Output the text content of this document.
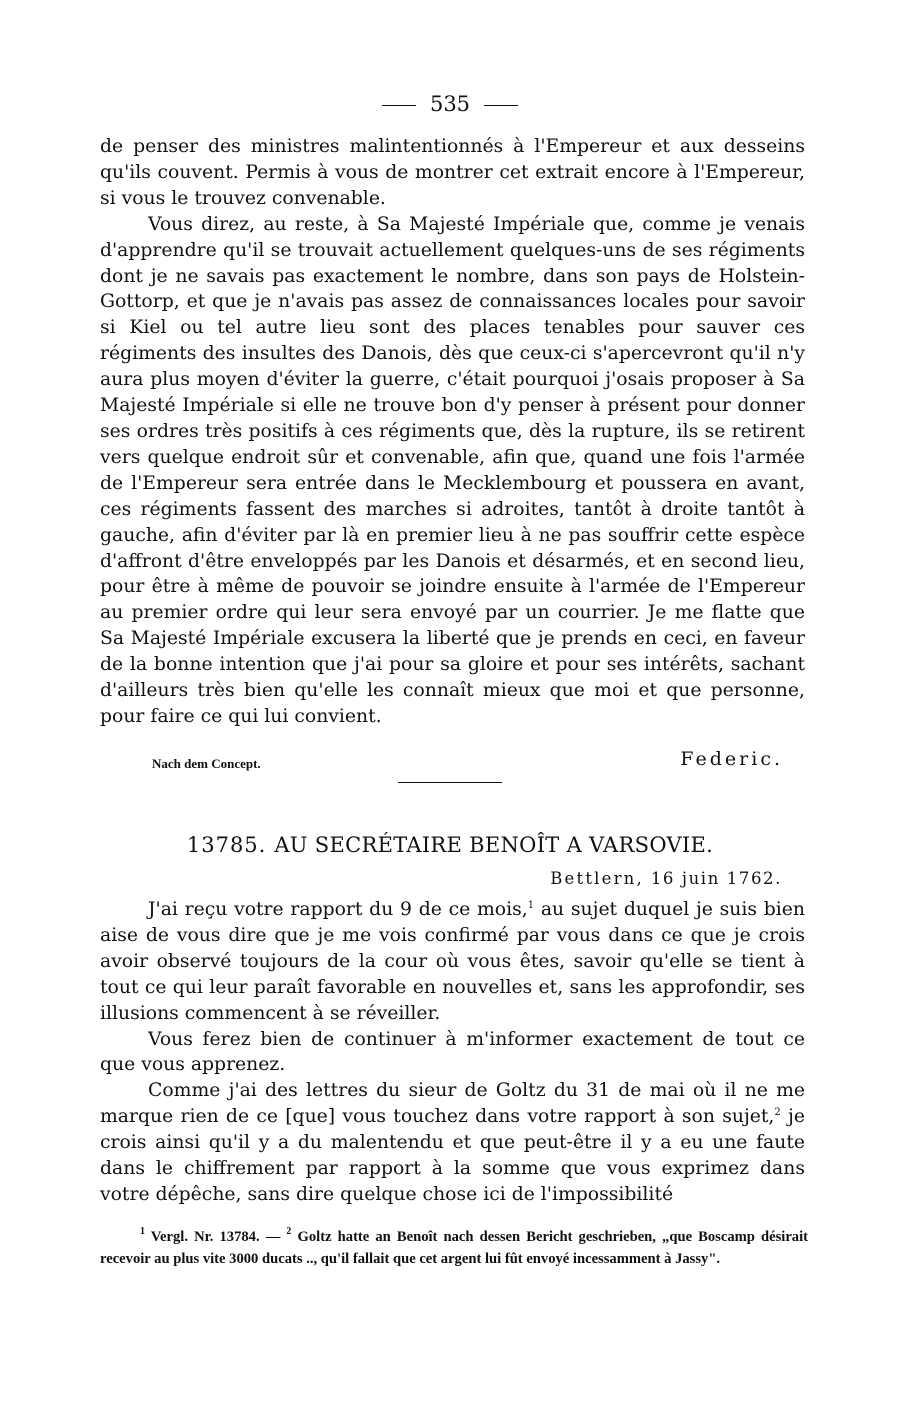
535

de penser des ministres malintentionnés à l'Empereur et aux desseins qu'ils couvent. Permis à vous de montrer cet extrait encore à l'Empereur, si vous le trouvez convenable.

Vous direz, au reste, à Sa Majesté Impériale que, comme je venais d'apprendre qu'il se trouvait actuellement quelques-uns de ses régiments dont je ne savais pas exactement le nombre, dans son pays de Holstein-Gottorp, et que je n'avais pas assez de connaissances locales pour savoir si Kiel ou tel autre lieu sont des places tenables pour sauver ces régiments des insultes des Danois, dès que ceux-ci s'apercevront qu'il n'y aura plus moyen d'éviter la guerre, c'était pourquoi j'osais proposer à Sa Majesté Impériale si elle ne trouve bon d'y penser à présent pour donner ses ordres très positifs à ces régiments que, dès la rupture, ils se retirent vers quelque endroit sûr et convenable, afin que, quand une fois l'armée de l'Empereur sera entrée dans le Mecklembourg et poussera en avant, ces régiments fassent des marches si adroites, tantôt à droite tantôt à gauche, afin d'éviter par là en premier lieu à ne pas souffrir cette espèce d'affront d'être enveloppés par les Danois et désarmés, et en second lieu, pour être à même de pouvoir se joindre ensuite à l'armée de l'Empereur au premier ordre qui leur sera envoyé par un courrier. Je me flatte que Sa Majesté Impériale excusera la liberté que je prends en ceci, en faveur de la bonne intention que j'ai pour sa gloire et pour ses intérêts, sachant d'ailleurs très bien qu'elle les connaît mieux que moi et que personne, pour faire ce qui lui convient.

Nach dem Concept.	Federic.
13785. AU SECRÉTAIRE BENOÎT A VARSOVIE.
Bettlern, 16 juin 1762.

J'ai reçu votre rapport du 9 de ce mois,$^1$ au sujet duquel je suis bien aise de vous dire que je me vois confirmé par vous dans ce que je crois avoir observé toujours de la cour où vous êtes, savoir qu'elle se tient à tout ce qui leur paraît favorable en nouvelles et, sans les approfondir, ses illusions commencent à se réveiller.

Vous ferez bien de continuer à m'informer exactement de tout ce que vous apprenez.

Comme j'ai des lettres du sieur de Goltz du 31 de mai où il ne me marque rien de ce [que] vous touchez dans votre rapport à son sujet,$^2$ je crois ainsi qu'il y a du malentendu et que peut-être il y a eu une faute dans le chiffrement par rapport à la somme que vous exprimez dans votre dépêche, sans dire quelque chose ici de l'impossibilité

$^1$ Vergl. Nr. 13784. — $^2$ Goltz hatte an Benoît nach dessen Bericht geschrieben, „que Boscamp désirait recevoir au plus vite 3000 ducats .., qu'il fallait que cet argent lui fût envoyé incessamment à Jassy".
